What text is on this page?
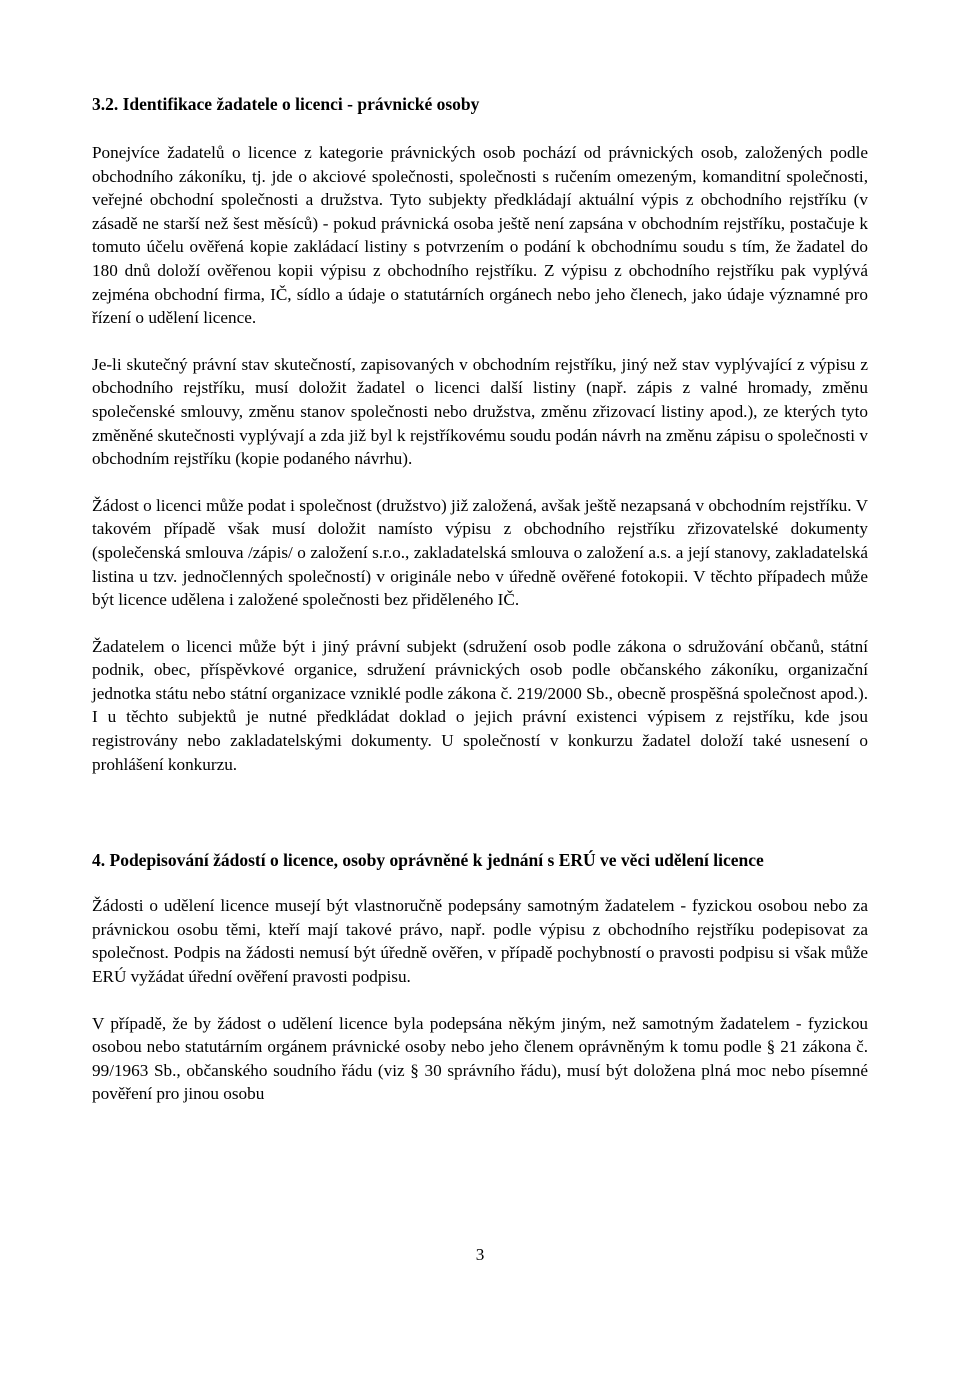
3.2. Identifikace žadatele o licenci - právnické osoby

Ponejvíce žadatelů o licence z kategorie právnických osob pochází od právnických osob, založených podle obchodního zákoníku, tj. jde o akciové společnosti, společnosti s ručením omezeným, komanditní společnosti, veřejné obchodní společnosti a družstva. Tyto subjekty předkládají aktuální výpis z obchodního rejstříku (v zásadě ne starší než šest měsíců) - pokud právnická osoba ještě není zapsána v obchodním rejstříku, postačuje k tomuto účelu ověřená kopie zakládací listiny s potvrzením o podání k obchodnímu soudu s tím, že žadatel do 180 dnů doloží ověřenou kopii výpisu z obchodního rejstříku. Z výpisu z obchodního rejstříku pak vyplývá zejména obchodní firma, IČ, sídlo a údaje o statutárních orgánech nebo jeho členech, jako údaje významné pro řízení o udělení licence.

Je-li skutečný právní stav skutečností, zapisovaných v obchodním rejstříku, jiný než stav vyplývající z výpisu z obchodního rejstříku, musí doložit žadatel o licenci další listiny (např. zápis z valné hromady, změnu společenské smlouvy, změnu stanov společnosti nebo družstva, změnu zřizovací listiny apod.), ze kterých tyto změněné skutečnosti vyplývají a zda již byl k rejstříkovému soudu podán návrh na změnu zápisu o společnosti v obchodním rejstříku (kopie podaného návrhu).

Žádost o licenci může podat i společnost (družstvo) již založená, avšak ještě nezapsaná v obchodním rejstříku. V takovém případě však musí doložit namísto výpisu z obchodního rejstříku zřizovatelské dokumenty (společenská smlouva /zápis/ o založení s.r.o., zakladatelská smlouva o založení a.s. a její stanovy, zakladatelská listina u tzv. jednočlenných společností) v originále nebo v úředně ověřené fotokopii. V těchto případech může být licence udělena i založené společnosti bez přiděleného IČ.

Žadatelem o licenci může být i jiný právní subjekt (sdružení osob podle zákona o sdružování občanů, státní podnik, obec, příspěvkové organice, sdružení právnických osob podle občanského zákoníku, organizační jednotka státu nebo státní organizace vzniklé podle zákona č. 219/2000 Sb., obecně prospěšná společnost apod.). I u těchto subjektů je nutné předkládat doklad o jejich právní existenci výpisem z rejstříku, kde jsou registrovány nebo zakladatelskými dokumenty. U společností v konkurzu žadatel doloží také usnesení o prohlášení konkurzu.

4. Podepisování žádostí o licence, osoby oprávněné k jednání s ERÚ ve věci udělení licence

Žádosti o udělení licence musejí být vlastnoručně podepsány samotným žadatelem - fyzickou osobou nebo za právnickou osobu těmi, kteří mají takové právo, např. podle výpisu z obchodního rejstříku podepisovat za společnost. Podpis na žádosti nemusí být úředně ověřen, v případě pochybností o pravosti podpisu si však může ERÚ vyžádat úřední ověření pravosti podpisu.

V případě, že by žádost o udělení licence byla podepsána někým jiným, než samotným žadatelem - fyzickou osobou nebo statutárním orgánem právnické osoby nebo jeho členem oprávněným k tomu podle § 21 zákona č. 99/1963 Sb., občanského soudního řádu (viz § 30 správního řádu), musí být doložena plná moc nebo písemné pověření pro jinou osobu

3
